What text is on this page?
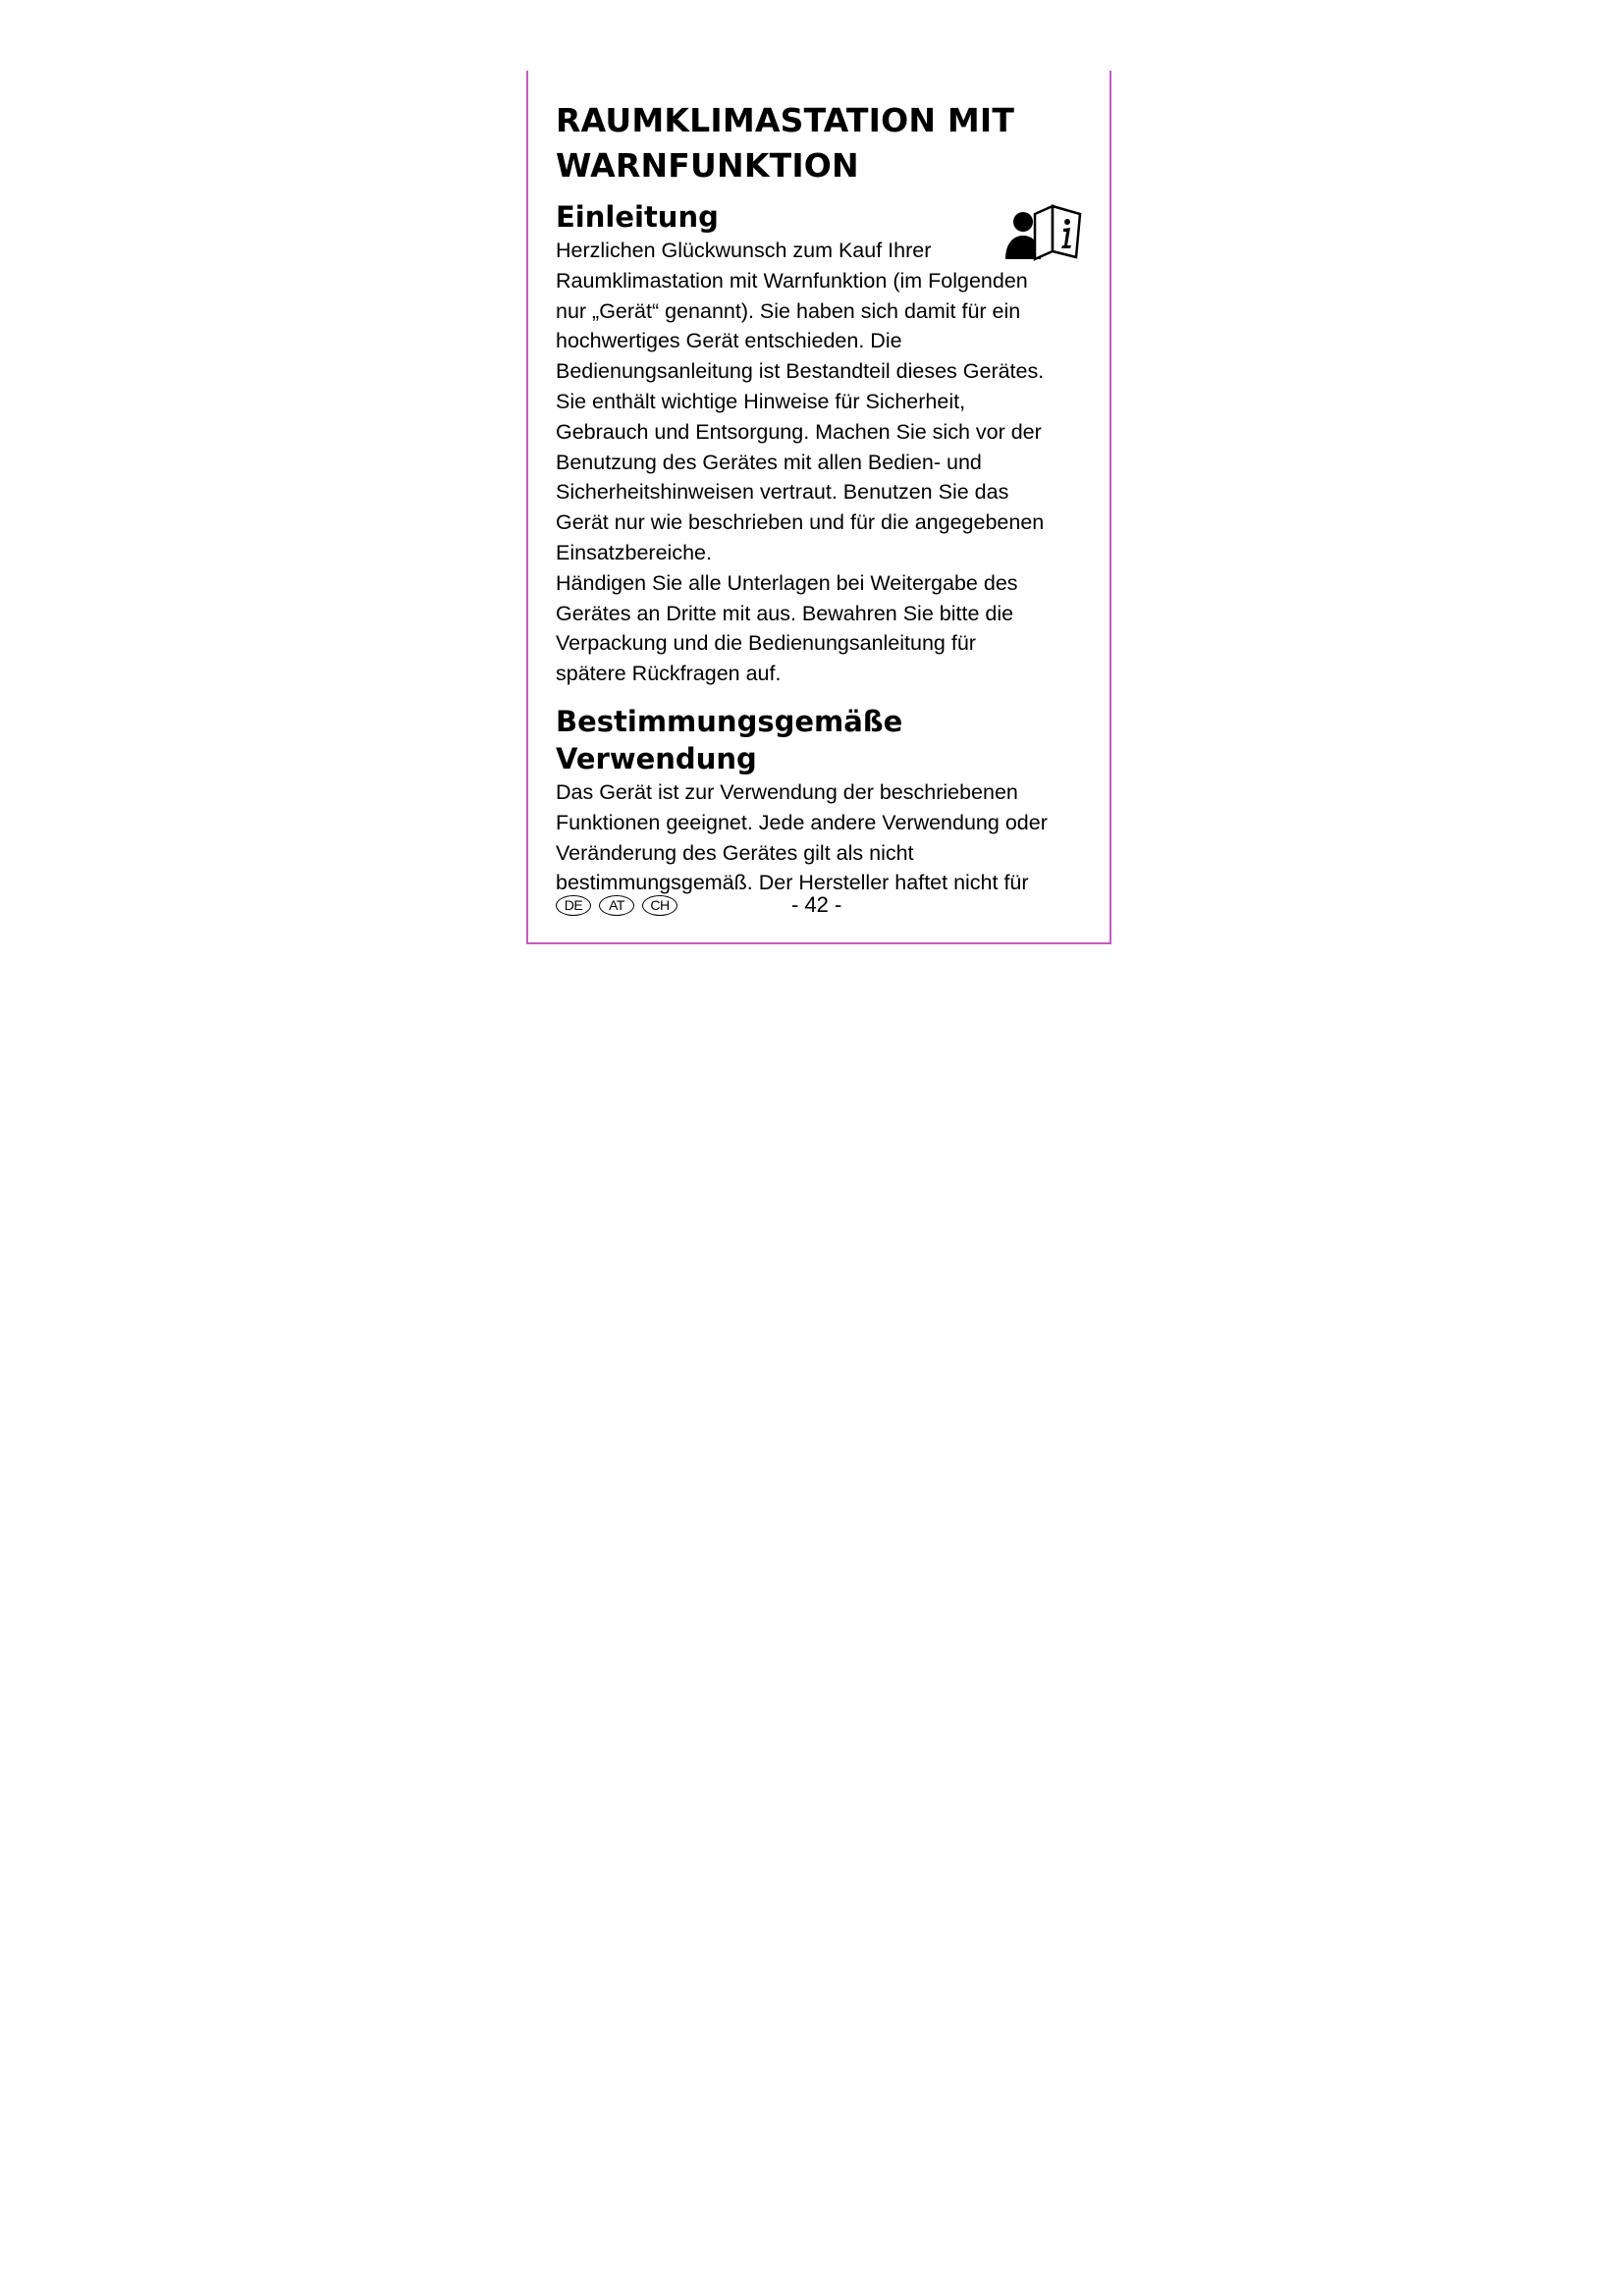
RAUMKLIMASTATION MIT
WARNFUNKTION
Einleitung

Herzlichen Glückwunsch zum Kauf Ihrer
Raumklimastation mit Warnfunktion (im Folgenden
nur „Gerät“ genannt). Sie haben sich damit für ein
hochwertiges Gerät entschieden. Die
Bedienungsanleitung ist Bestandteil dieses Gerätes.
Sie enthält wichtige Hinweise für Sicherheit,
Gebrauch und Entsorgung. Machen Sie sich vor der
Benutzung des Gerätes mit allen Bedien- und
Sicherheitshinweisen vertraut. Benutzen Sie das
Gerät nur wie beschrieben und für die angegebenen
Einsatzbereiche.
Händigen Sie alle Unterlagen bei Weitergabe des
Gerätes an Dritte mit aus. Bewahren Sie bitte die
Verpackung und die Bedienungsanleitung für
spätere Rückfragen auf.

Bestimmungsgemäße Verwendung

Das Gerät ist zur Verwendung der beschriebenen
Funktionen geeignet. Jede andere Verwendung oder
Veränderung des Gerätes gilt als nicht
bestimmungsgemäß. Der Hersteller haftet nicht für

DE	AT	CH	- 42 -
